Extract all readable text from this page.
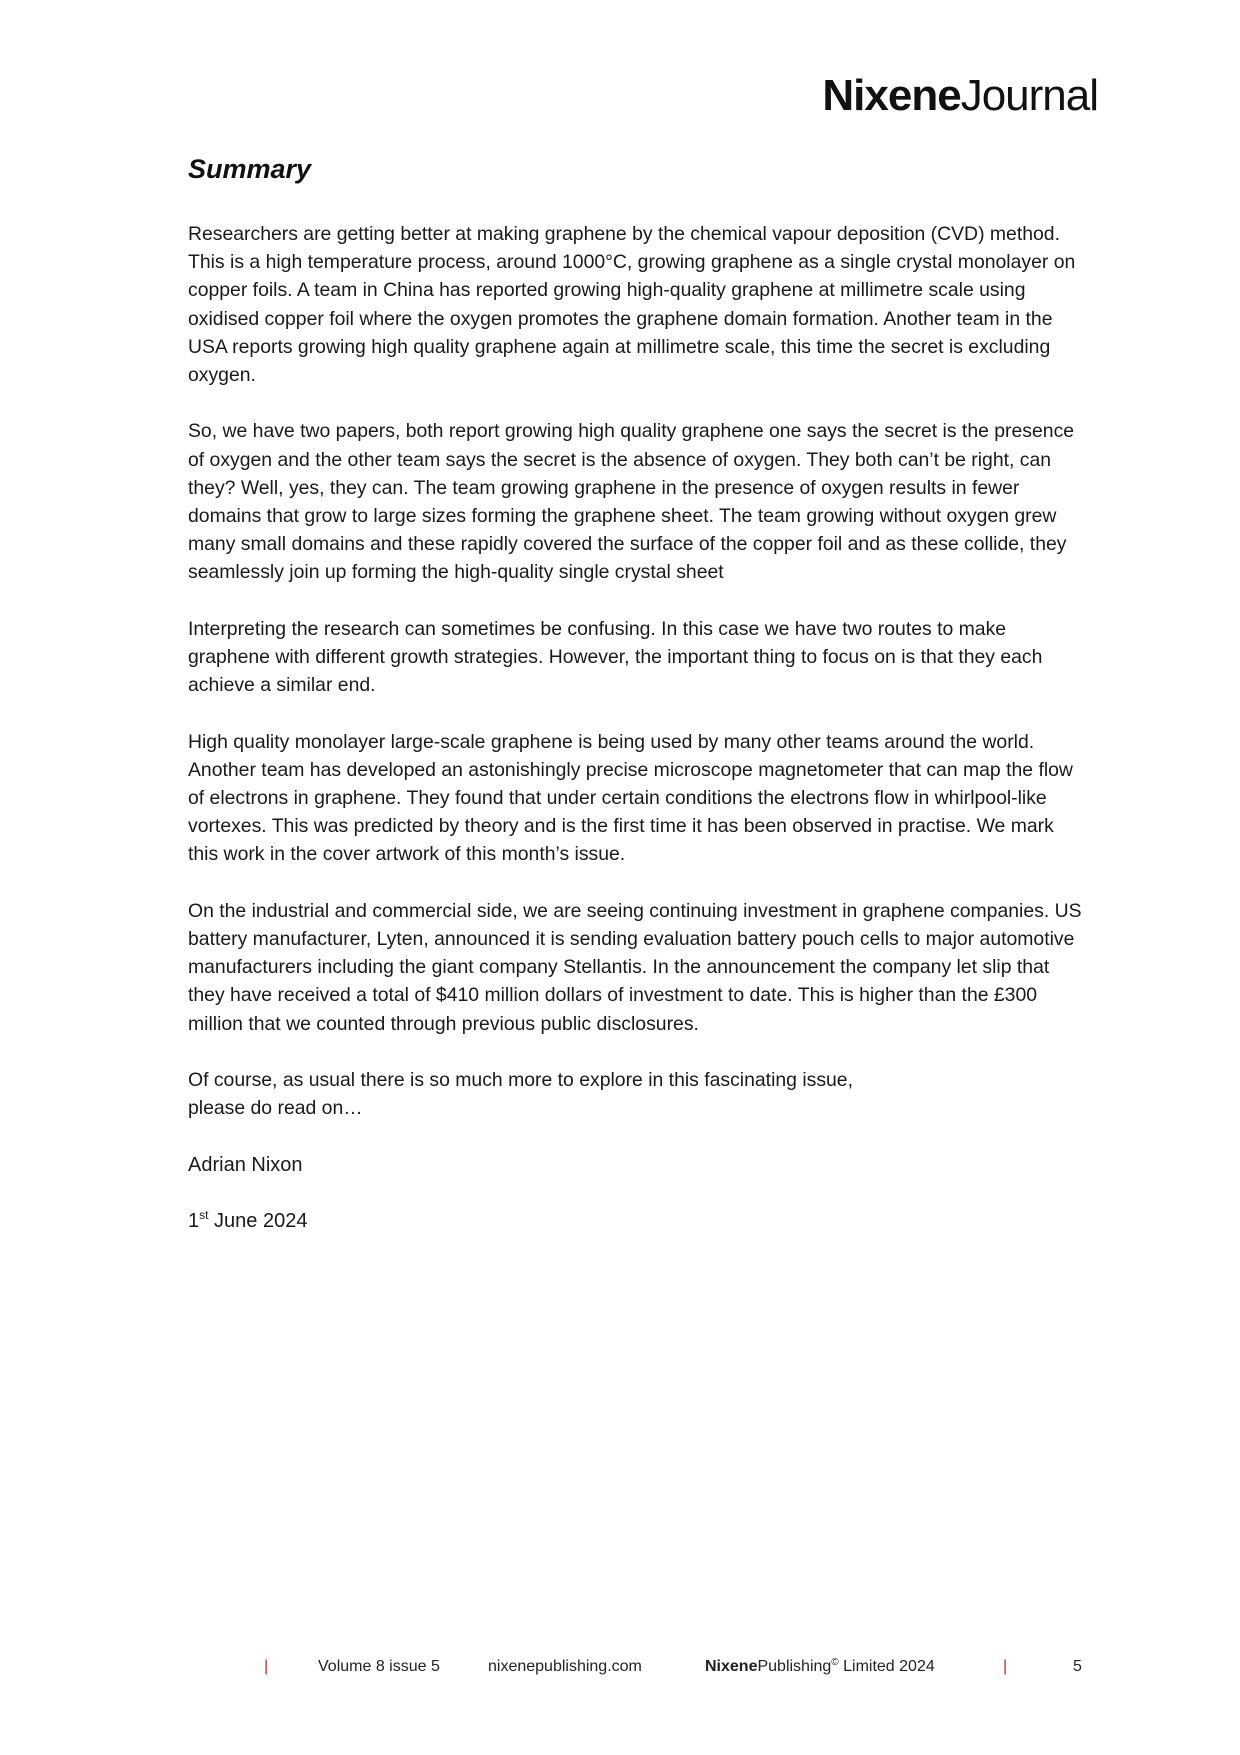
NixeneJournal
Summary

Researchers are getting better at making graphene by the chemical vapour deposition (CVD) method. This is a high temperature process, around 1000°C, growing graphene as a single crystal monolayer on copper foils. A team in China has reported growing high-quality graphene at millimetre scale using oxidised copper foil where the oxygen promotes the graphene domain formation. Another team in the USA reports growing high quality graphene again at millimetre scale, this time the secret is excluding oxygen.

So, we have two papers, both report growing high quality graphene one says the secret is the presence of oxygen and the other team says the secret is the absence of oxygen. They both can’t be right, can they? Well, yes, they can. The team growing graphene in the presence of oxygen results in fewer domains that grow to large sizes forming the graphene sheet. The team growing without oxygen grew many small domains and these rapidly covered the surface of the copper foil and as these collide, they seamlessly join up forming the high-quality single crystal sheet

Interpreting the research can sometimes be confusing. In this case we have two routes to make graphene with different growth strategies. However, the important thing to focus on is that they each achieve a similar end.

High quality monolayer large-scale graphene is being used by many other teams around the world. Another team has developed an astonishingly precise microscope magnetometer that can map the flow of electrons in graphene. They found that under certain conditions the electrons flow in whirlpool-like vortexes. This was predicted by theory and is the first time it has been observed in practise. We mark this work in the cover artwork of this month’s issue.

On the industrial and commercial side, we are seeing continuing investment in graphene companies. US battery manufacturer, Lyten, announced it is sending evaluation battery pouch cells to major automotive manufacturers including the giant company Stellantis. In the announcement the company let slip that they have received a total of $410 million dollars of investment to date. This is higher than the £300 million that we counted through previous public disclosures.

Of course, as usual there is so much more to explore in this fascinating issue,
please do read on…

Adrian Nixon

1st June 2024

|	Volume 8 issue 5	nixenepublishing.com	NixenePublishing© Limited 2024	|	5
